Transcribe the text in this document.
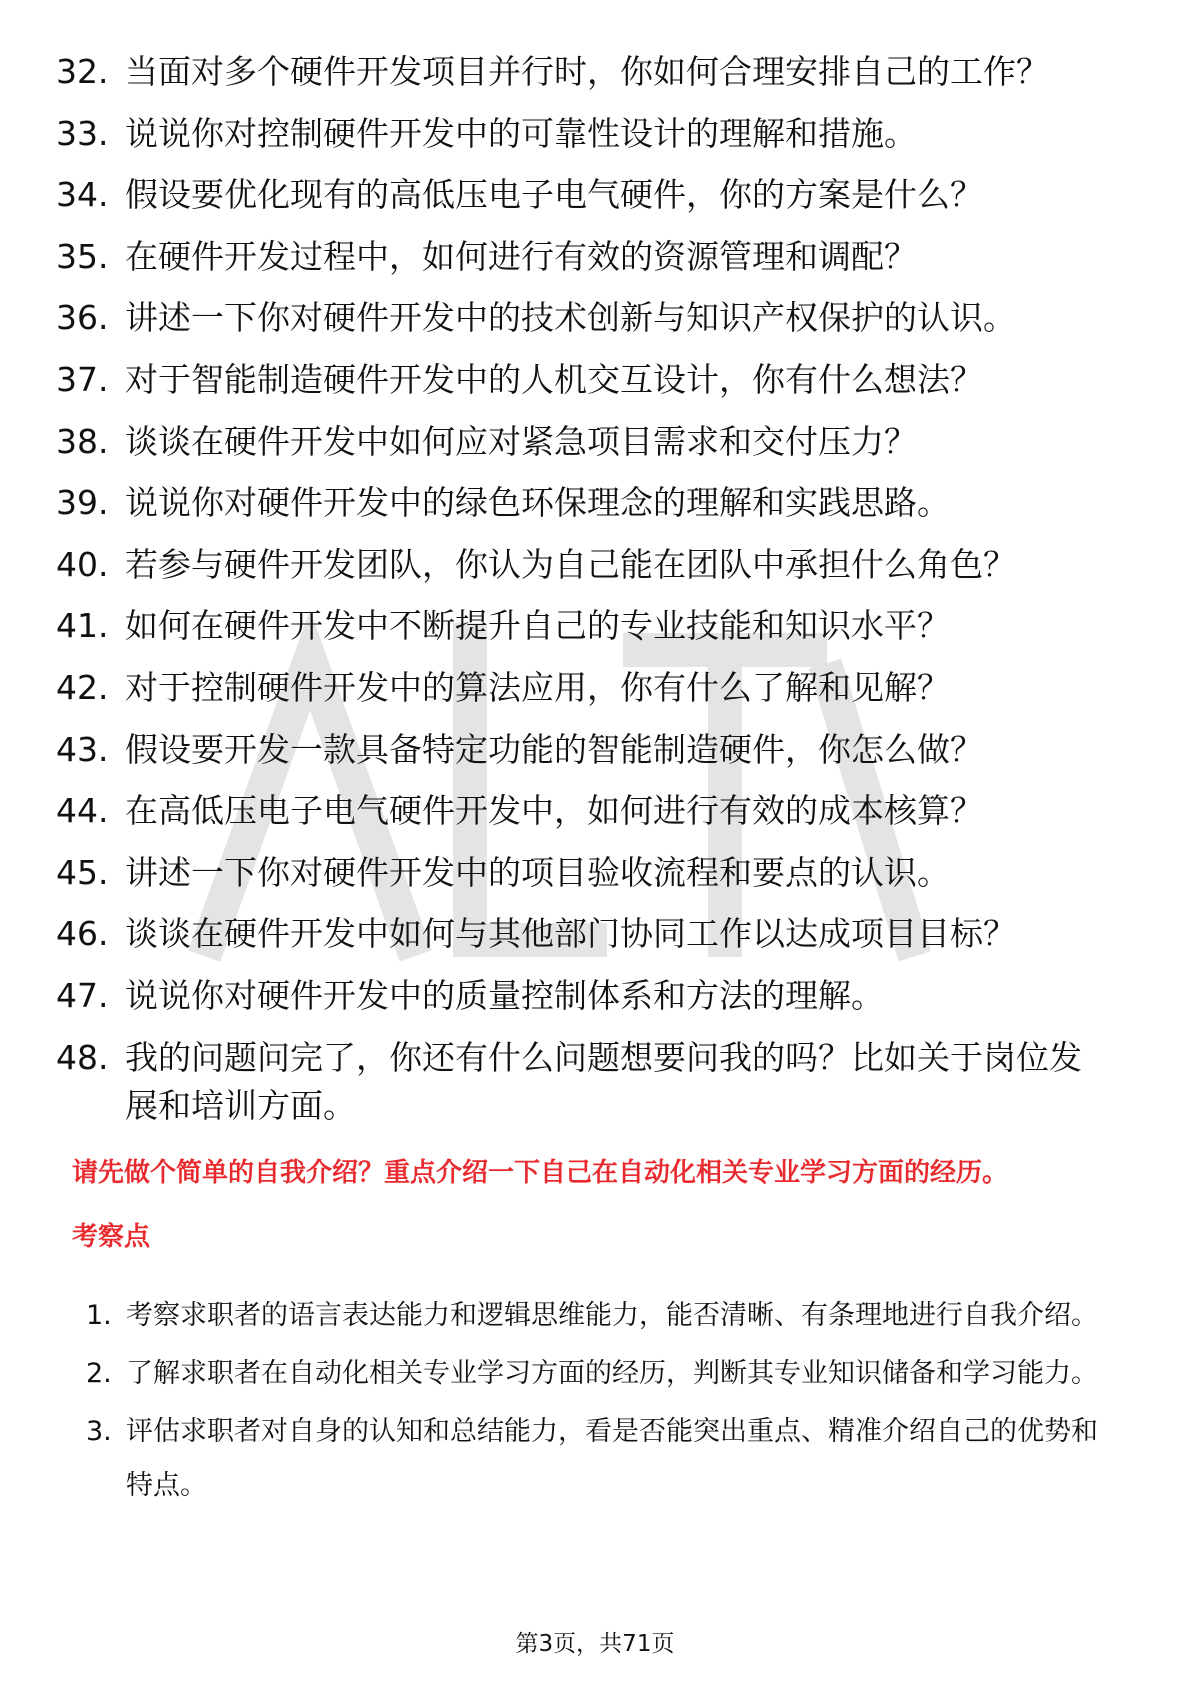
32. 当面对多个硬件开发项目并行时，你如何合理安排自己的工作？
33. 说说你对控制硬件开发中的可靠性设计的理解和措施。
34. 假设要优化现有的高低压电子电气硬件，你的方案是什么？
35. 在硬件开发过程中，如何进行有效的资源管理和调配？
36. 讲述一下你对硬件开发中的技术创新与知识产权保护的认识。
37. 对于智能制造硬件开发中的人机交互设计，你有什么想法？
38. 谈谈在硬件开发中如何应对紧急项目需求和交付压力？
39. 说说你对硬件开发中的绿色环保理念的理解和实践思路。
40. 若参与硬件开发团队，你认为自己能在团队中承担什么角色？
41. 如何在硬件开发中不断提升自己的专业技能和知识水平？
42. 对于控制硬件开发中的算法应用，你有什么了解和见解？
43. 假设要开发一款具备特定功能的智能制造硬件，你怎么做？
44. 在高低压电子电气硬件开发中，如何进行有效的成本核算？
45. 讲述一下你对硬件开发中的项目验收流程和要点的认识。
46. 谈谈在硬件开发中如何与其他部门协同工作以达成项目目标？
47. 说说你对硬件开发中的质量控制体系和方法的理解。
48. 我的问题问完了，你还有什么问题想要问我的吗？比如关于岗位发展和培训方面。
请先做个简单的自我介绍？重点介绍一下自己在自动化相关专业学习方面的经历。
考察点
1. 考察求职者的语言表达能力和逻辑思维能力，能否清晰、有条理地进行自我介绍。
2. 了解求职者在自动化相关专业学习方面的经历，判断其专业知识储备和学习能力。
3. 评估求职者对自身的认知和总结能力，看是否能突出重点、精准介绍自己的优势和特点。
第3页，共71页
